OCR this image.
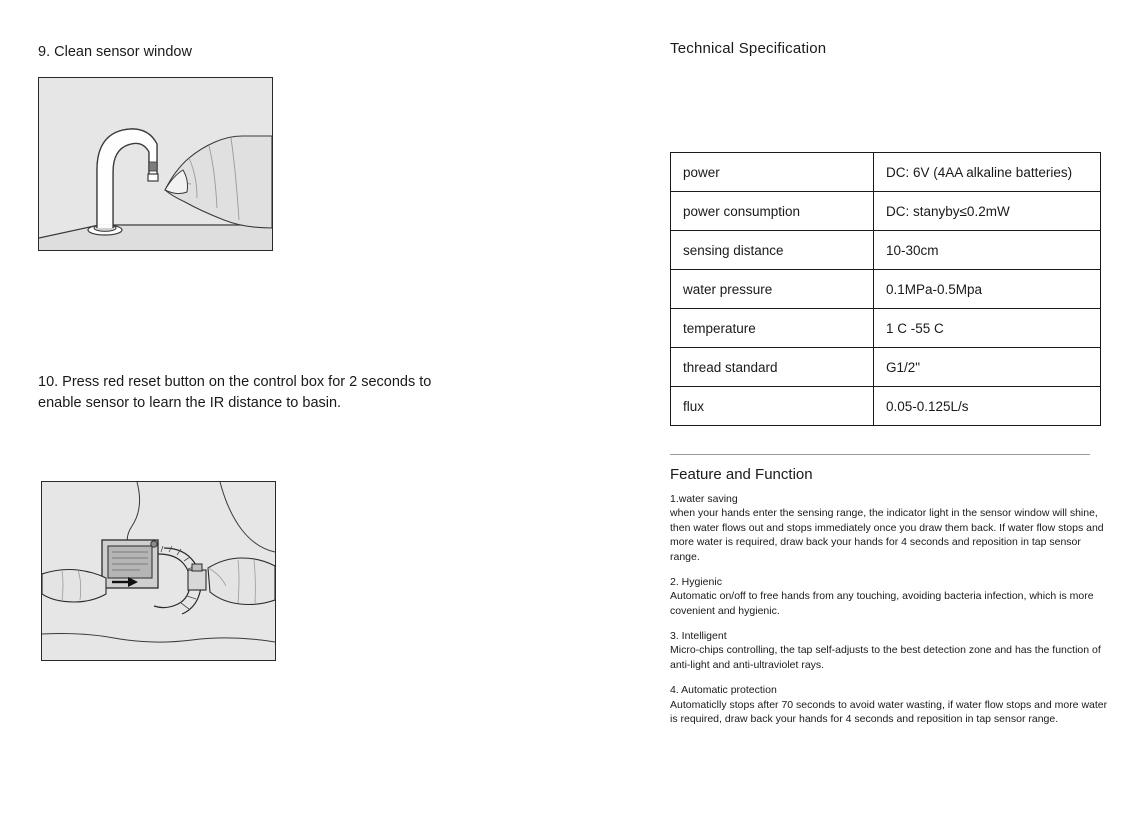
9. Clean sensor window
10. Press red reset button on the control box for 2 seconds to enable sensor to learn the IR distance to basin.
Technical Specification
power	DC: 6V (4AA alkaline batteries)
power consumption	DC: stanyby≤0.2mW
sensing distance	10-30cm
water pressure	0.1MPa-0.5Mpa
temperature	1 C -55 C
thread standard	G1/2"
flux	0.05-0.125L/s
Feature and Function
1.water saving
when your hands enter the sensing range, the indicator light in the sensor window will shine, then water flows out and stops immediately once you draw them back. If water flow stops and more water is required, draw back your hands for 4 seconds and reposition in tap sensor range.
2. Hygienic
Automatic on/off to free hands from any touching, avoiding bacteria infection, which is more covenient and hygienic.
3. Intelligent
Micro-chips controlling, the tap self-adjusts to the best detection zone and has the function of anti-light and anti-ultraviolet rays.
4. Automatic protection
Automaticlly stops after 70 seconds to avoid water wasting, if water flow stops and more water is required, draw back your hands for 4 seconds and reposition in tap sensor range.
